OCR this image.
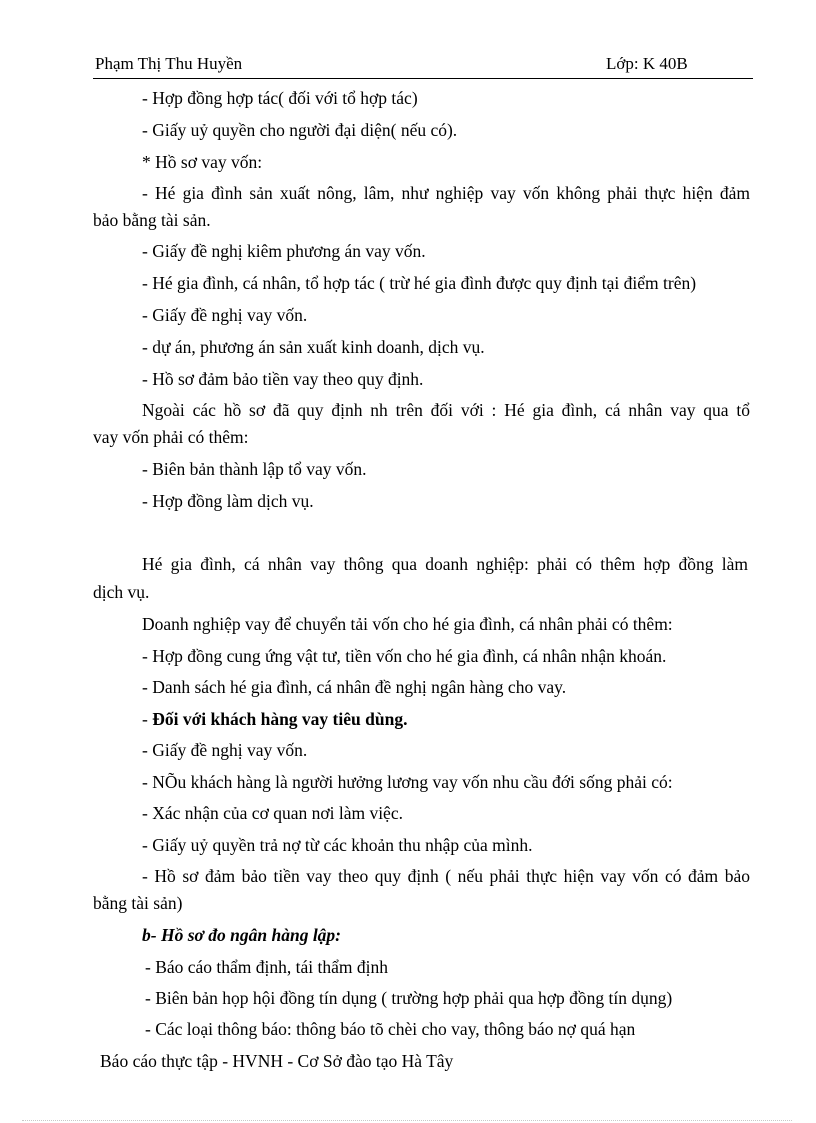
Phạm Thị Thu Huyền	Lớp: K 40B
- Hợp đồng hợp tác( đối với tổ hợp tác)
- Giấy uỷ quyền cho người đại diện( nếu có).
* Hồ sơ vay vốn:
- Hé gia đình sản xuất nông, lâm, như nghiệp vay vốn không phải thực hiện đảm
bảo bằng tài sản.
- Giấy đề nghị kiêm phương án vay vốn.
- Hé gia đình, cá nhân, tổ hợp tác ( trừ hé gia đình được quy định tại điểm trên)
- Giấy đề nghị vay vốn.
- dự án, phương án sản xuất kinh doanh, dịch vụ.
- Hồ sơ đảm bảo tiền vay theo quy định.
Ngoài các hồ sơ đã quy định nh trên đối với : Hé gia đình, cá nhân vay qua tổ
vay vốn phải có thêm:
- Biên bản thành lập tổ vay vốn.
- Hợp đồng làm dịch vụ.
Hé gia đình, cá nhân vay thông qua doanh nghiệp: phải có thêm hợp đồng làm
dịch vụ.
Doanh nghiệp vay để chuyển tải vốn cho hé gia đình, cá nhân phải có thêm:
- Hợp đồng cung ứng vật tư, tiền vốn cho hé gia đình, cá nhân nhận khoán.
- Danh sách hé gia đình, cá nhân đề nghị ngân hàng cho vay.
- Đối với khách hàng vay tiêu dùng.
- Giấy đề nghị vay vốn.
- NÕu khách hàng là người hưởng lương vay vốn nhu cầu đới sống phải có:
- Xác nhận của cơ quan nơi làm việc.
- Giấy uỷ quyền trả nợ từ các khoản thu nhập của mình.
- Hồ sơ đảm bảo tiền vay theo quy định ( nếu phải thực hiện vay vốn có đảm bảo
bằng tài sản)
b- Hồ sơ đo ngân hàng lập:
- Báo cáo thẩm định, tái thẩm định
- Biên bản họp hội đồng tín dụng ( trường hợp phải qua hợp đồng tín dụng)
- Các loại thông báo: thông báo tõ chèi cho vay, thông báo nợ quá hạn
Báo cáo thực tập - HVNH - Cơ Sở đào tạo Hà Tây
